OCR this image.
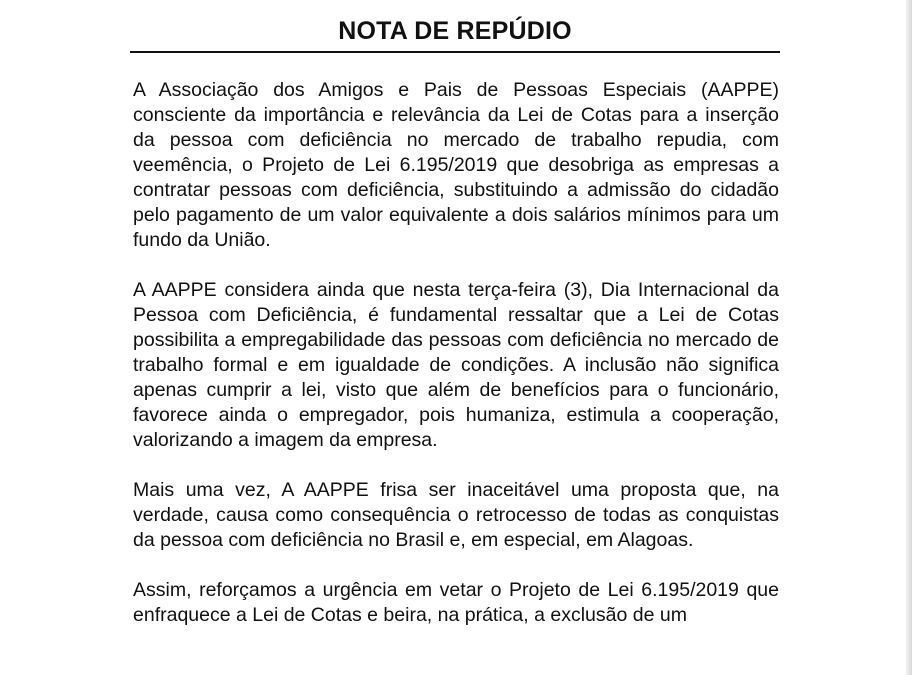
NOTA DE REPÚDIO

A Associação dos Amigos e Pais de Pessoas Especiais (AAPPE) consciente da importância e relevância da Lei de Cotas para a inserção da pessoa com deficiência no mercado de trabalho repudia, com veemência, o Projeto de Lei 6.195/2019 que desobriga as empresas a contratar pessoas com deficiência, substituindo a admissão do cidadão pelo pagamento de um valor equivalente a dois salários mínimos para um fundo da União.

A AAPPE considera ainda que nesta terça-feira (3), Dia Internacional da Pessoa com Deficiência, é fundamental ressaltar que a Lei de Cotas possibilita a empregabilidade das pessoas com deficiência no mercado de trabalho formal e em igualdade de condições. A inclusão não significa apenas cumprir a lei, visto que além de benefícios para o funcionário, favorece ainda o empregador, pois humaniza, estimula a cooperação, valorizando a imagem da empresa.

Mais uma vez, A AAPPE frisa ser inaceitável uma proposta que, na verdade, causa como consequência o retrocesso de todas as conquistas da pessoa com deficiência no Brasil e, em especial, em Alagoas.

Assim, reforçamos a urgência em vetar o Projeto de Lei 6.195/2019 que enfraquece a Lei de Cotas e beira, na prática, a exclusão de um
